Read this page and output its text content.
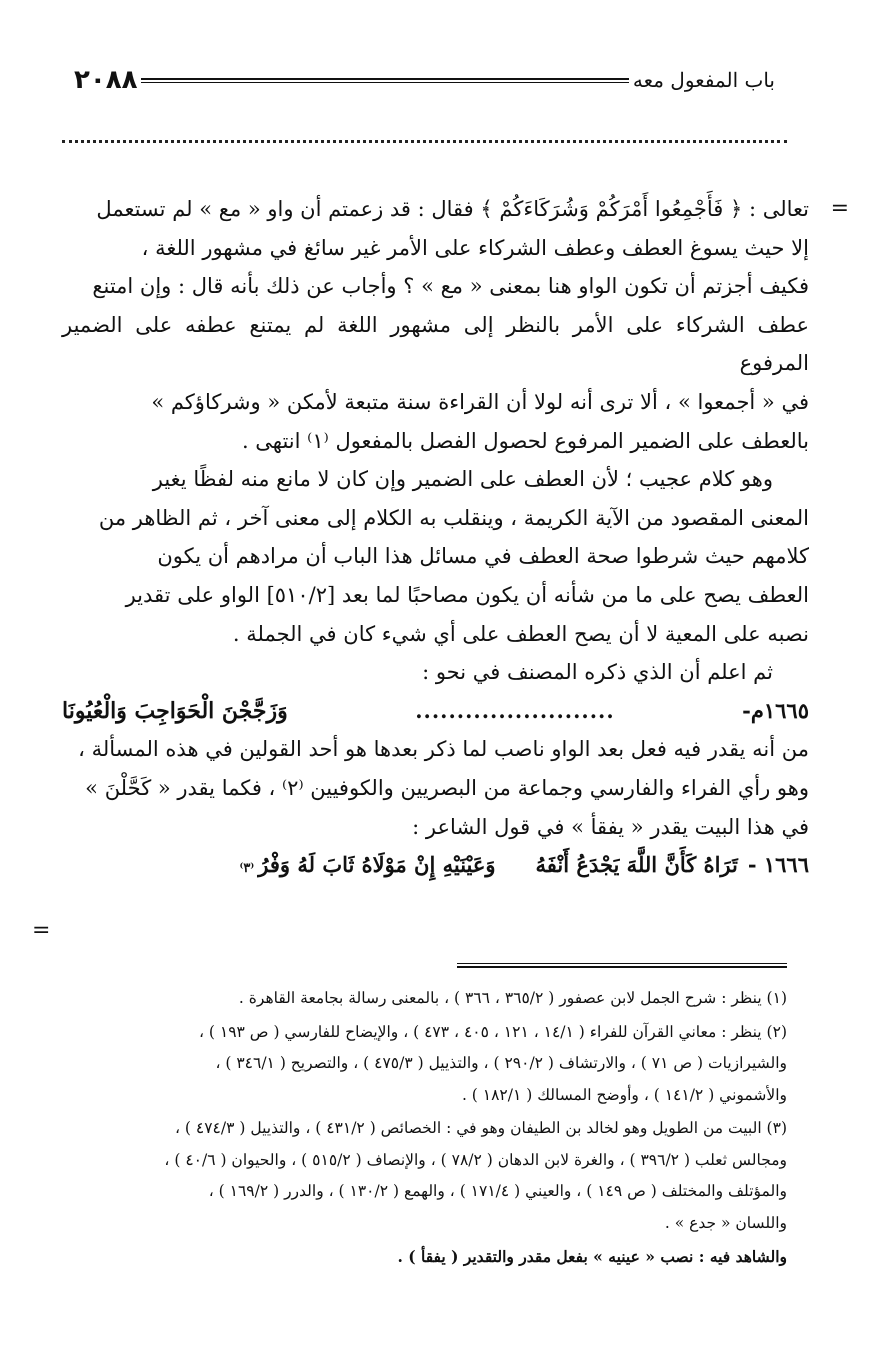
باب المفعول معه
٢٠٨٨
=

تعالى : ﴿ فَأَجْمِعُوا أَمْرَكُمْ وَشُرَكَاءَكُمْ ﴾ فقال : قد زعمتم أن واو « مع » لم تستعمل

إلا حيث يسوغ العطف وعطف الشركاء على الأمر غير سائغ في مشهور اللغة ،

فكيف أجزتم أن تكون الواو هنا بمعنى « مع » ؟ وأجاب عن ذلك بأنه قال : وإن امتنع

عطف الشركاء على الأمر بالنظر إلى مشهور اللغة لم يمتنع عطفه على الضمير المرفوع

في « أجمعوا » ، ألا ترى أنه لولا أن القراءة سنة متبعة لأمكن « وشركاؤكم »

بالعطف على الضمير المرفوع لحصول الفصل بالمفعول ⁽١⁾ انتهى .

وهو كلام عجيب ؛ لأن العطف على الضمير وإن كان لا مانع منه لفظًا يغير

المعنى المقصود من الآية الكريمة ، وينقلب به الكلام إلى معنى آخر ، ثم الظاهر من

كلامهم حيث شرطوا صحة العطف في مسائل هذا الباب أن مرادهم أن يكون

العطف يصح على ما من شأنه أن يكون مصاحبًا لما بعد [٥١٠/٢] الواو على تقدير

نصبه على المعية لا أن يصح العطف على أي شيء كان في الجملة .

ثم اعلم أن الذي ذكره المصنف في نحو :

١٦٦٥م-
........................
وَزَجَّجْنَ الْحَوَاجِبَ وَالْعُيُونَا

من أنه يقدر فيه فعل بعد الواو ناصب لما ذكر بعدها هو أحد القولين في هذه المسألة ،

وهو رأي الفراء والفارسي وجماعة من البصريين والكوفيين ⁽٢⁾ ، فكما يقدر « كَحَّلْنَ »

في هذا البيت يقدر « يفقأ » في قول الشاعر :

١٦٦٦ -
تَرَاهُ كَأَنَّ اللَّهَ يَجْدَعُ أَنْفَهُ
وَعَيْنَيْهِ إِنْ مَوْلَاهُ ثَابَ لَهُ وَفْرُ
⁽٣⁾
=

(١) ينظر : شرح الجمل لابن عصفور ( ٣٦٥/٢ ، ٣٦٦ ) ، بالمعنى رسالة بجامعة القاهرة .

(٢) ينظر : معاني القرآن للفراء ( ١٤/١ ، ١٢١ ، ٤٠٥ ، ٤٧٣ ) ، والإيضاح للفارسي ( ص ١٩٣ ) ،

والشيرازيات ( ص ٧١ ) ، والارتشاف ( ٢٩٠/٢ ) ، والتذييل ( ٤٧٥/٣ ) ، والتصريح ( ٣٤٦/١ ) ،

والأشموني ( ١٤١/٢ ) ، وأوضح المسالك ( ١٨٢/١ ) .

(٣) البيت من الطويل وهو لخالد بن الطيفان وهو في : الخصائص ( ٤٣١/٢ ) ، والتذييل ( ٤٧٤/٣ ) ،

ومجالس ثعلب ( ٣٩٦/٢ ) ، والغرة لابن الدهان ( ٧٨/٢ ) ، والإنصاف ( ٥١٥/٢ ) ، والحيوان ( ٤٠/٦ ) ،

والمؤتلف والمختلف ( ص ١٤٩ ) ، والعيني ( ١٧١/٤ ) ، والهمع ( ١٣٠/٢ ) ، والدرر ( ١٦٩/٢ ) ،

واللسان « جدع » .

والشاهد فيه : نصب « عينيه » بفعل مقدر والتقدير ( يفقأ ) .
